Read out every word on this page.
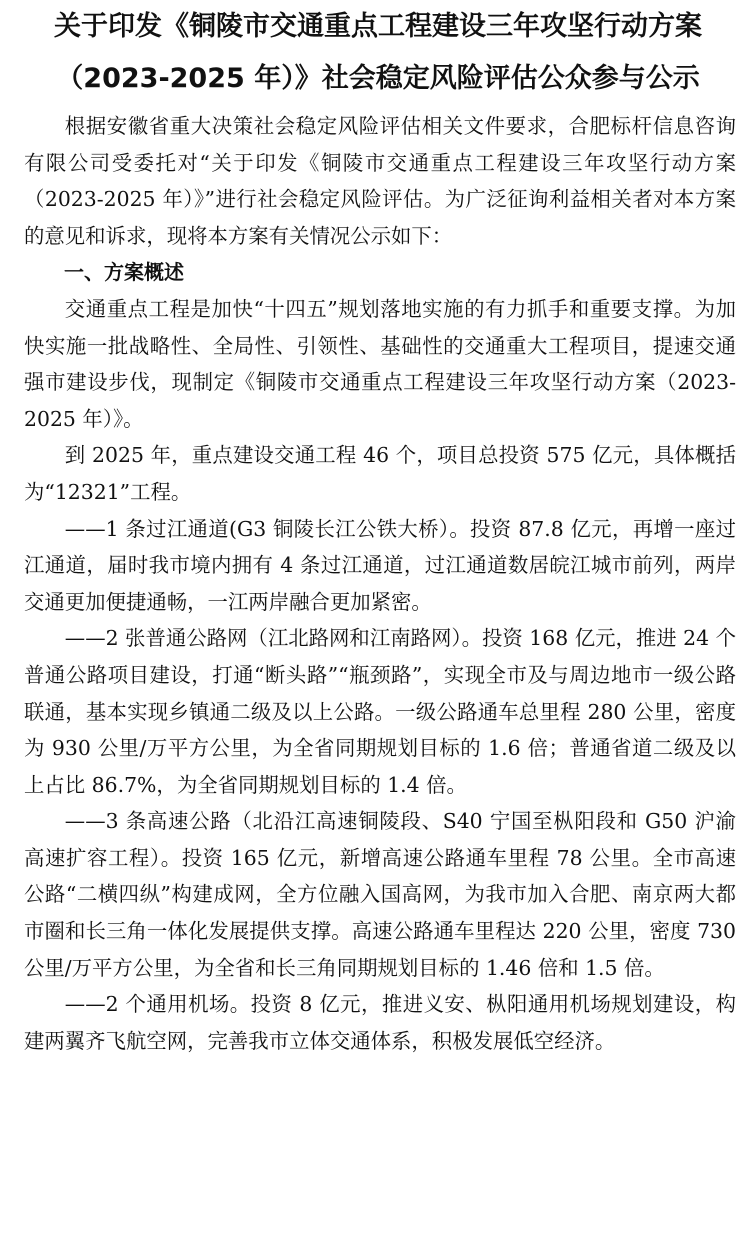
关于印发《铜陵市交通重点工程建设三年攻坚行动方案
（2023-2025 年）》社会稳定风险评估公众参与公示

根据安徽省重大决策社会稳定风险评估相关文件要求，合肥标杆信息咨询有限公司受委托对“关于印发《铜陵市交通重点工程建设三年攻坚行动方案（2023-2025 年）》”进行社会稳定风险评估。为广泛征询利益相关者对本方案的意见和诉求，现将本方案有关情况公示如下：

一、方案概述

交通重点工程是加快“十四五”规划落地实施的有力抓手和重要支撑。为加快实施一批战略性、全局性、引领性、基础性的交通重大工程项目，提速交通强市建设步伐，现制定《铜陵市交通重点工程建设三年攻坚行动方案（2023-2025 年）》。

到 2025 年，重点建设交通工程 46 个，项目总投资 575 亿元，具体概括为“12321”工程。

——1 条过江通道(G3 铜陵长江公铁大桥）。投资 87.8 亿元，再增一座过江通道，届时我市境内拥有 4 条过江通道，过江通道数居皖江城市前列，两岸交通更加便捷通畅，一江两岸融合更加紧密。

——2 张普通公路网（江北路网和江南路网）。投资 168 亿元，推进 24 个普通公路项目建设，打通“断头路”“瓶颈路”，实现全市及与周边地市一级公路联通，基本实现乡镇通二级及以上公路。一级公路通车总里程 280 公里，密度为 930 公里/万平方公里，为全省同期规划目标的 1.6 倍；普通省道二级及以上占比 86.7%，为全省同期规划目标的 1.4 倍。

——3 条高速公路（北沿江高速铜陵段、S40 宁国至枞阳段和 G50 沪渝高速扩容工程）。投资 165 亿元，新增高速公路通车里程 78 公里。全市高速公路“二横四纵”构建成网，全方位融入国高网，为我市加入合肥、南京两大都市圈和长三角一体化发展提供支撑。高速公路通车里程达 220 公里，密度 730 公里/万平方公里，为全省和长三角同期规划目标的 1.46 倍和 1.5 倍。

——2 个通用机场。投资 8 亿元，推进义安、枞阳通用机场规划建设，构建两翼齐飞航空网，完善我市立体交通体系，积极发展低空经济。
